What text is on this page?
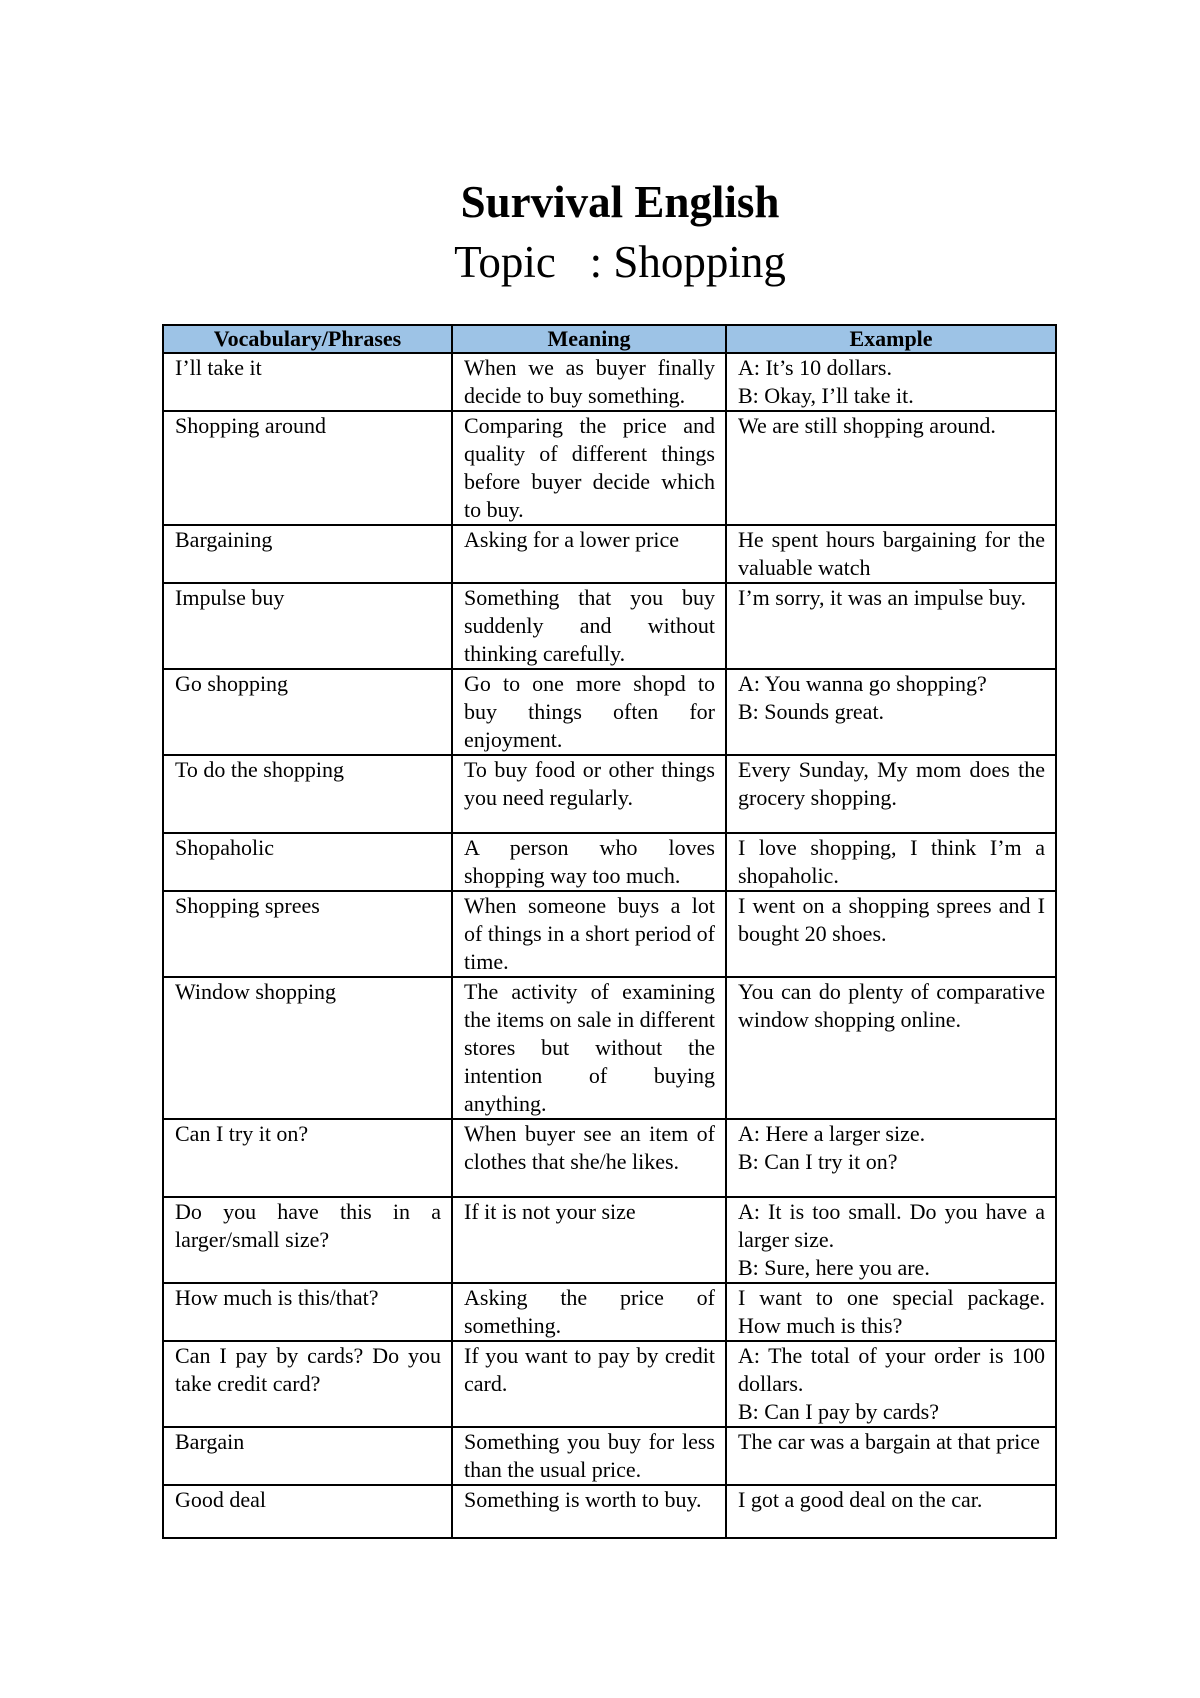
Survival English
Topic   : Shopping
Vocabulary/Phrases	Meaning	Example
I’ll take it	When we as buyer finally decide to buy something.	A: It’s 10 dollars.
B: Okay, I’ll take it.

Shopping around	Comparing the price and quality of different things before buyer decide which to buy.	We are still shopping around.

Bargaining	Asking for a lower price	He spent hours bargaining for the valuable watch

Impulse buy	Something that you buy suddenly and without thinking carefully.	I’m sorry, it was an impulse buy.

Go shopping	Go to one more shopd to buy things often for enjoyment.	A: You wanna go shopping?
B: Sounds great.

To do the shopping	To buy food or other things you need regularly.	Every Sunday, My mom does the grocery shopping.

Shopaholic	A person who loves shopping way too much.	I love shopping, I think I’m a shopaholic.

Shopping sprees	When someone buys a lot of things in a short period of time.	I went on a shopping sprees and I bought 20 shoes.

Window shopping	The activity of examining the items on sale in different stores but without the intention of buying anything.	You can do plenty of comparative window shopping online.

Can I try it on?	When buyer see an item of clothes that she/he likes.	A: Here a larger size.
B: Can I try it on?

Do you have this in a larger/small size?	If it is not your size	A: It is too small. Do you have a larger size.
B: Sure, here you are.

How much is this/that?	Asking the price of something.	I want to one special package. How much is this?

Can I pay by cards? Do you take credit card?	If you want to pay by credit card.	A: The total of your order is 100 dollars.
B: Can I pay by cards?

Bargain	Something you buy for less than the usual price.	The car was a bargain at that price

Good deal	Something is worth to buy.	I got a good deal on the car.
